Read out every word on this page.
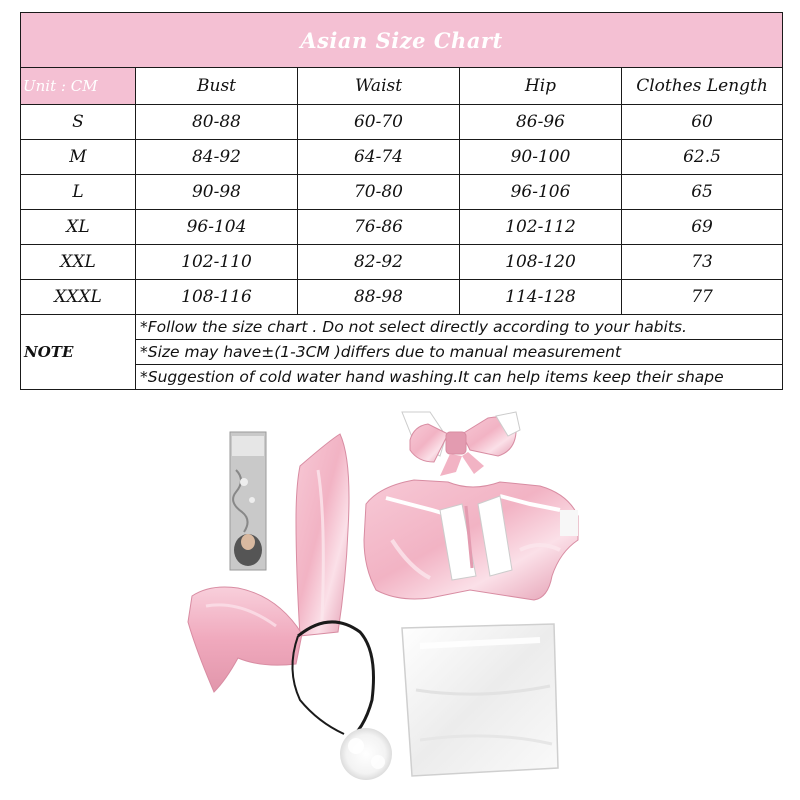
Asian Size Chart				
Unit : CM	Bust	Waist	Hip	Clothes Length
S	80-88	60-70	86-96	60
M	84-92	64-74	90-100	62.5
L	90-98	70-80	96-106	65
XL	96-104	76-86	102-112	69
XXL	102-110	82-92	108-120	73
XXXL	108-116	88-98	114-128	77
NOTE	*Follow the size chart . Do not select directly according to your habits.			
	*Size may have±(1-3CM )differs due to manual measurement			
	*Suggestion of cold water hand washing.It can help items keep their shape			
